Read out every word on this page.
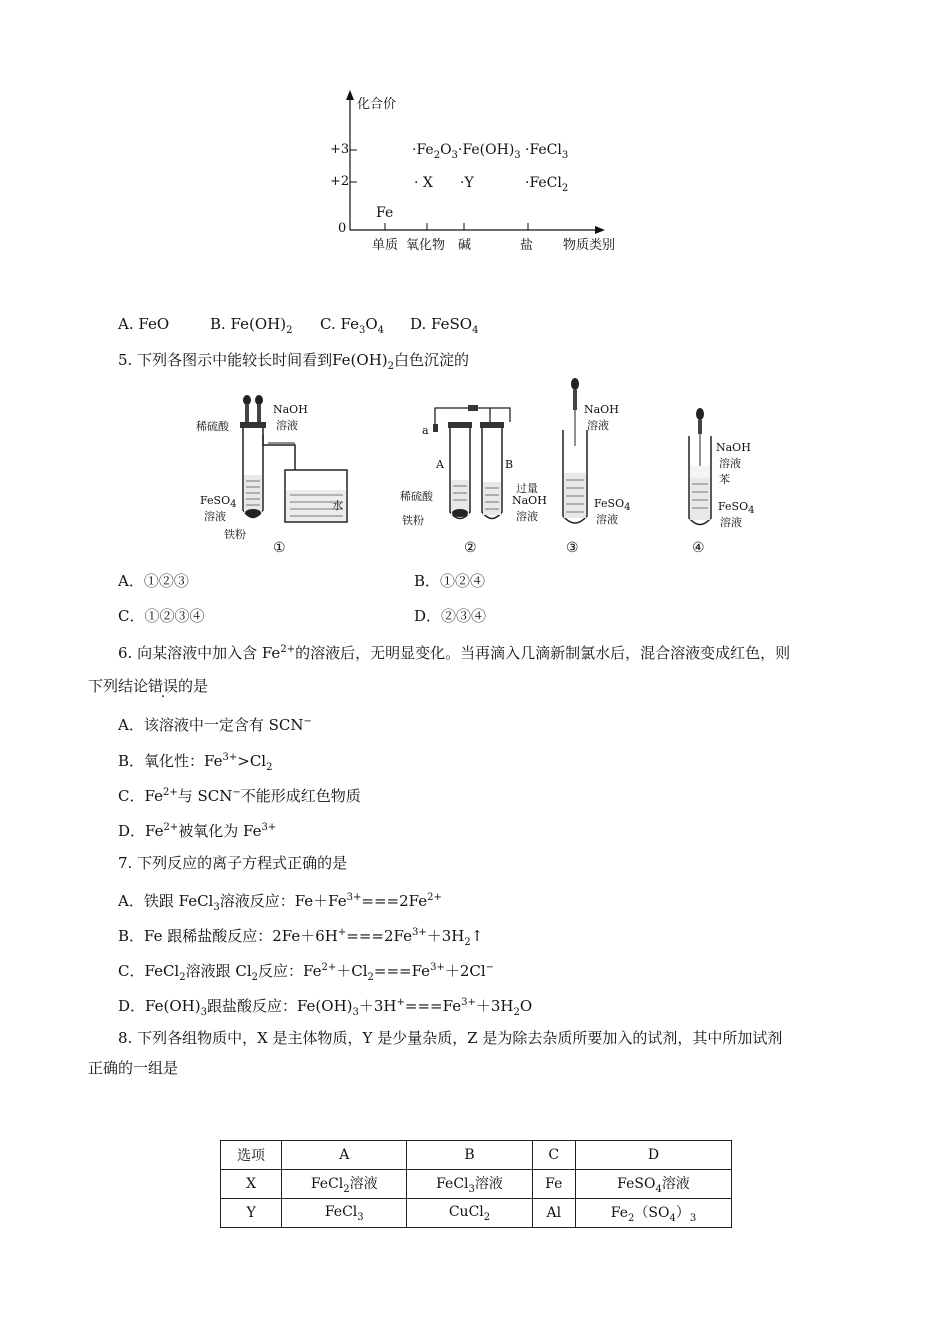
化合价
+3
+2
0
单质 氧化物 碱	盐 物质类别
Fe
$\cdot Fe_2O_3 \cdot Fe(OH)_3$ ·FeCl$_3$
· X ·Y	·FeCl$_2$
A. FeO	B. $Fe(OH)_2$ C. $Fe_3O_4$ D. FeSO$_4$
5. 下列各图示中能较长时间看到$Fe(OH)_2$白色沉淀的
稀硫酸
NaOH
溶液
FeSO$_4$
溶液
铁粉
水
①
a
A	B
稀硫酸
铁粉
过量
NaOH
溶液
②
NaOH
溶液
FeSO$_4$
溶液
③
NaOH
溶液
苯
FeSO$_4$
溶液
④
A．①②③	B．①②④
C．①②③④	D．②③④
6. 向某溶液中加入含 $Fe^{2+}$的溶液后，无明显变化。当再滴入几滴新制氯水后，混合溶液变成红色，则
下列结论错误的是
A．该溶液中一定含有 SCN−
B．氧化性：$Fe^{3+}>Cl_2$
C．$Fe^{2+}$与 SCN−不能形成红色物质
D．$Fe^{2+}$被氧化为 $Fe^{3+}$
7. 下列反应的离子方程式正确的是
A．铁跟 FeCl$_3$溶液反应：$Fe+Fe^{3+}===2Fe^{2+}$
B．Fe 跟稀盐酸反应：$2Fe+6H^+===2Fe^{3+}+3H_2↑$
C．FeCl$_2$溶液跟 $Cl_2$反应：$Fe^{2+}+Cl_2===Fe^{3+}+2Cl^-$
D．$Fe(OH)_3$跟盐酸反应：$Fe(OH)_3+3H^+===Fe^{3+}+3H_2O$
8. 下列各组物质中，X 是主体物质，Y 是少量杂质，Z 是为除去杂质所要加入的试剂，其中所加试剂
正确的一组是
选项	A	B	C	D
X	FeCl$_2$溶液	FeCl$_3$溶液	Fe	FeSO$_4$溶液
Y	FeCl$_3$	CuCl$_2$	Al	$Fe_2(SO_4)_3$
